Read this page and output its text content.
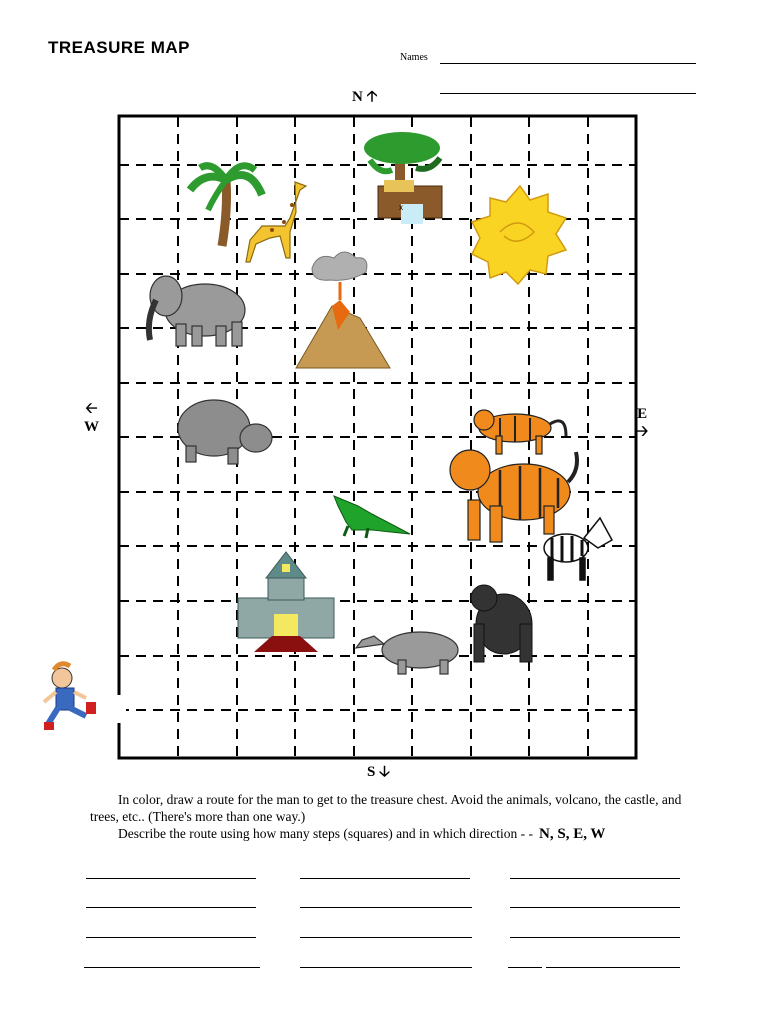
TREASURE MAP
Names
N 🡡
🡠
W
E
🡢
S 🡣
x
In color, draw a route for the man to get to the treasure chest. Avoid the animals, volcano, the castle, and trees, etc.. (There's more than one way.)
Describe the route using how many steps (squares) and in which direction - - N, S, E, W
